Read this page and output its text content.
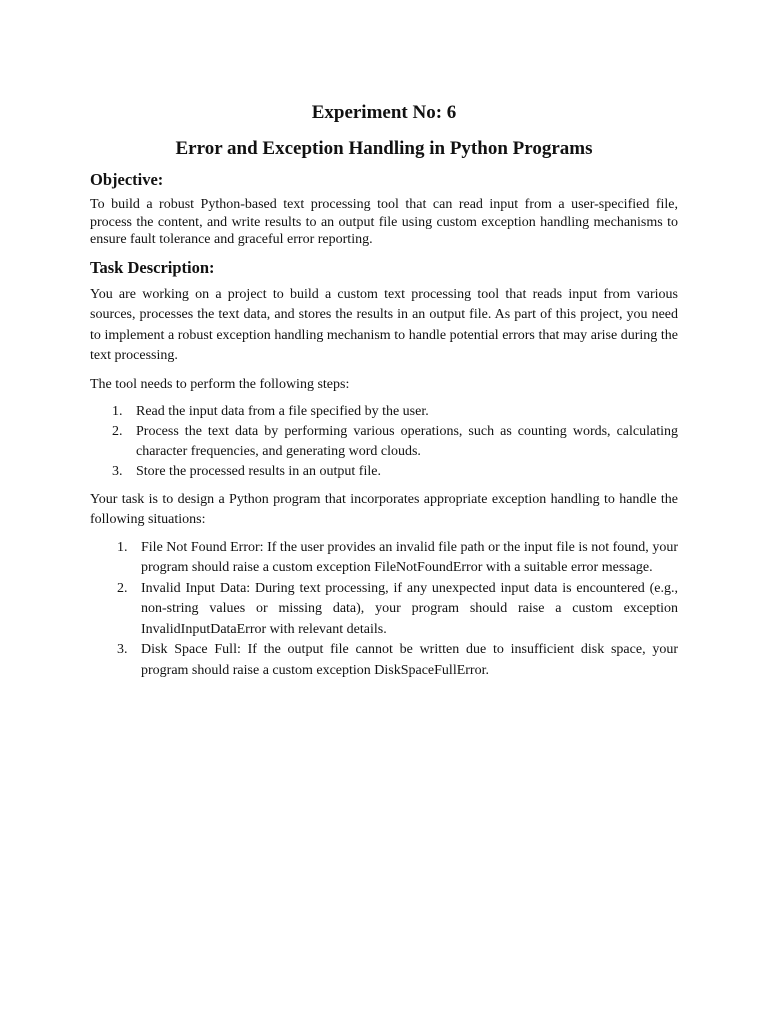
Experiment No: 6
Error and Exception Handling in Python Programs
Objective:

To build a robust Python-based text processing tool that can read input from a user-specified file, process the content, and write results to an output file using custom exception handling mechanisms to ensure fault tolerance and graceful error reporting.

Task Description:

You are working on a project to build a custom text processing tool that reads input from various sources, processes the text data, and stores the results in an output file. As part of this project, you need to implement a robust exception handling mechanism to handle potential errors that may arise during the text processing.

The tool needs to perform the following steps:

1. Read the input data from a file specified by the user.
2. Process the text data by performing various operations, such as counting words, calculating character frequencies, and generating word clouds.
3. Store the processed results in an output file.

Your task is to design a Python program that incorporates appropriate exception handling to handle the following situations:

1. File Not Found Error: If the user provides an invalid file path or the input file is not found, your program should raise a custom exception FileNotFoundError with a suitable error message.
2. Invalid Input Data: During text processing, if any unexpected input data is encountered (e.g., non-string values or missing data), your program should raise a custom exception InvalidInputDataError with relevant details.
3. Disk Space Full: If the output file cannot be written due to insufficient disk space, your program should raise a custom exception DiskSpaceFullError.
